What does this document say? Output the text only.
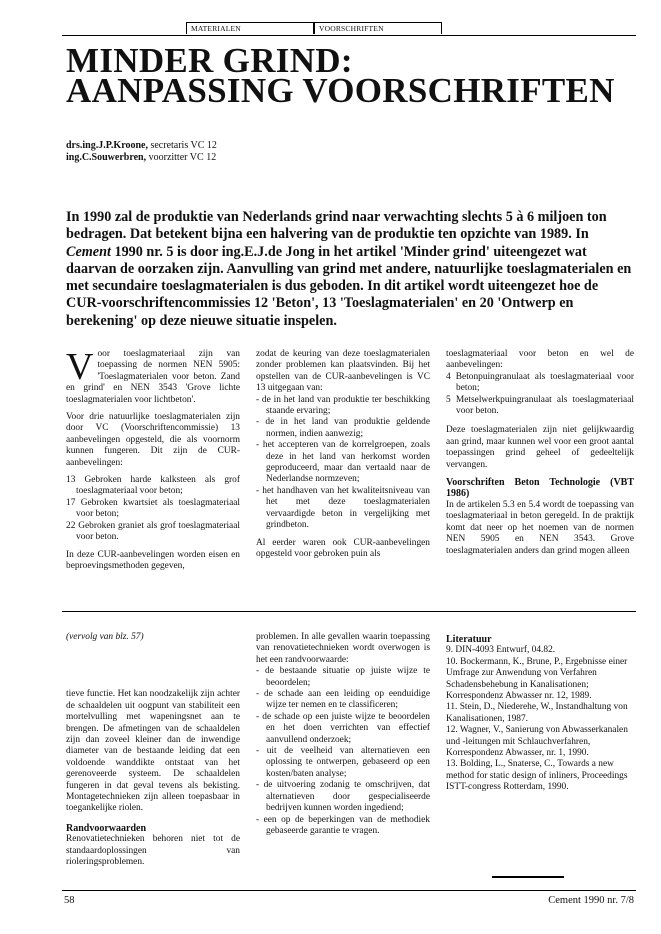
MATERIALEN	VOORSCHRIFTEN
MINDER GRIND:
AANPASSING VOORSCHRIFTEN
drs.ing.J.P.Kroone, secretaris VC 12
ing.C.Souwerbren, voorzitter VC 12

In 1990 zal de produktie van Nederlands grind naar verwachting slechts 5 à 6 miljoen ton bedragen. Dat betekent bijna een halvering van de produktie ten opzichte van 1989. In Cement 1990 nr. 5 is door ing.E.J.de Jong in het artikel 'Minder grind' uiteengezet wat daarvan de oorzaken zijn. Aanvulling van grind met andere, natuurlijke toeslagmaterialen en met secundaire toeslagmaterialen is dus geboden. In dit artikel wordt uiteengezet hoe de CUR-voorschriftencommissies 12 'Beton', 13 'Toeslagmaterialen' en 20 'Ontwerp en berekening' op deze nieuwe situatie inspelen.

Voor toeslagmateriaal zijn van toepassing de normen NEN 5905: 'Toeslagmaterialen voor beton. Zand en grind' en NEN 3543 'Grove lichte toeslagmaterialen voor lichtbeton'.

Voor drie natuurlijke toeslagmaterialen zijn door VC (Voorschriftencommissie) 13 aanbevelingen opgesteld, die als voornorm kunnen fungeren. Dit zijn de CUR-aanbevelingen:

13 Gebroken harde kalksteen als grof toeslagmateriaal voor beton;
17 Gebroken kwartsiet als toeslagmateriaal voor beton;
22 Gebroken graniet als grof toeslagmateriaal voor beton.

In deze CUR-aanbevelingen worden eisen en beproevingsmethoden gegeven,

zodat de keuring van deze toeslagmaterialen zonder problemen kan plaatsvinden. Bij het opstellen van de CUR-aanbevelingen is VC 13 uitgegaan van:

- de in het land van produktie ter beschikking staande ervaring;
- de in het land van produktie geldende normen, indien aanwezig;
- het accepteren van de korrelgroepen, zoals deze in het land van herkomst worden geproduceerd, maar dan vertaald naar de Nederlandse normzeven;
- het handhaven van het kwaliteitsniveau van het met deze toeslagmaterialen vervaardigde beton in vergelijking met grindbeton.

Al eerder waren ook CUR-aanbevelingen opgesteld voor gebroken puin als

toeslagmateriaal voor beton en wel de aanbevelingen:

4 Betonpuingranulaat als toeslagmateriaal voor beton;
5 Metselwerkpuingranulaat als toeslagmateriaal voor beton.

Deze toeslagmaterialen zijn niet gelijkwaardig aan grind, maar kunnen wel voor een groot aantal toepassingen grind geheel of gedeeltelijk vervangen.

Voorschriften Beton Technologie (VBT 1986)

In de artikelen 5.3 en 5.4 wordt de toepassing van toeslagmateriaal in beton geregeld. In de praktijk komt dat neer op het noemen van de normen NEN 5905 en NEN 3543. Grove toeslagmaterialen anders dan grind mogen alleen

(vervolg van blz. 57)

tieve functie. Het kan noodzakelijk zijn achter de schaaldelen uit oogpunt van stabiliteit een mortelvulling met wapeningsnet aan te brengen. De afmetingen van de schaaldelen zijn dan zoveel kleiner dan de inwendige diameter van de bestaande leiding dat een voldoende wanddikte ontstaat van het gerenoveerde systeem. De schaaldelen fungeren in dat geval tevens als bekisting. Montagetechnieken zijn alleen toepasbaar in toegankelijke riolen.

Randvoorwaarden

Renovatietechnieken behoren niet tot de standaardoplossingen van rioleringsproblemen.

problemen. In alle gevallen waarin toepassing van renovatietechnieken wordt overwogen is het een randvoorwaarde:

- de bestaande situatie op juiste wijze te beoordelen;
- de schade aan een leiding op eenduidige wijze ter nemen en te classificeren;
- de schade op een juiste wijze te beoordelen en het doen verrichten van effectief aanvullend onderzoek;
- uit de veelheid van alternatieven een oplossing te ontwerpen, gebaseerd op een kosten/baten analyse;
- de uitvoering zodanig te omschrijven, dat alternatieven door gespecialiseerde bedrijven kunnen worden ingediend;
- een op de beperkingen van de methodiek gebaseerde garantie te vragen.
Literatuur
9. DIN-4093 Entwurf, 04.82.
10. Bockermann, K., Brune, P., Ergebnisse einer Umfrage zur Anwendung von Verfahren Schadensbehebung in Kanalisationen; Korrespondenz Abwasser nr. 12, 1989.
11. Stein, D., Niederehe, W., Instandhaltung von Kanalisationen, 1987.
12. Wagner, V., Sanierung von Abwasserkanalen und -leitungen mit Schlauchverfahren, Korrespondenz Abwasser, nr. 1, 1990.
13. Bolding, L., Snaterse, C., Towards a new method for static design of inliners, Proceedings ISTT-congress Rotterdam, 1990.
58	Cement 1990 nr. 7/8
